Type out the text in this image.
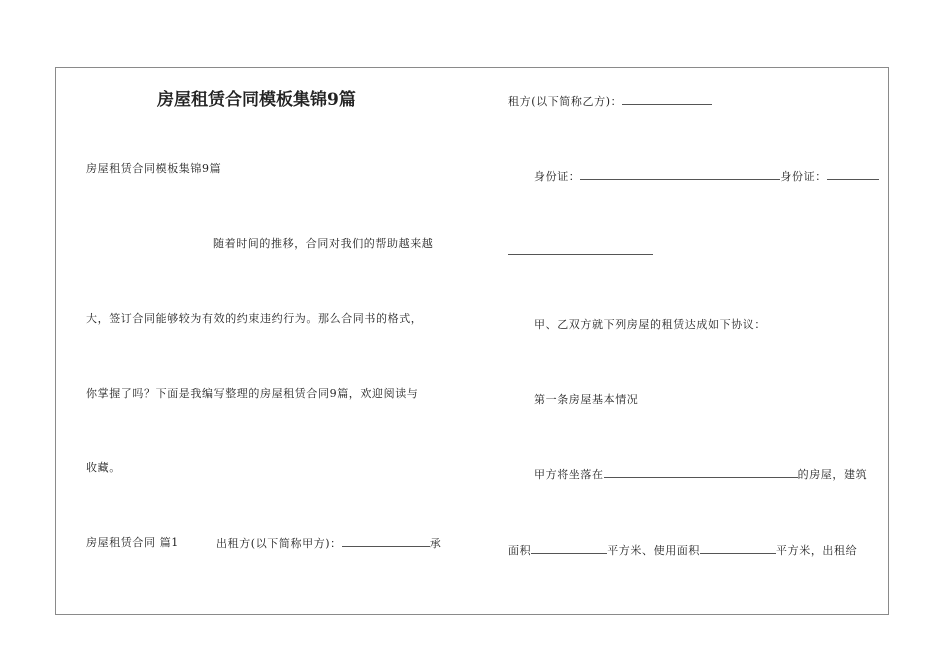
房屋租赁合同模板集锦9篇
房屋租赁合同模板集锦9篇
随着时间的推移，合同对我们的帮助越来越
大，签订合同能够较为有效的约束违约行为。那么合同书的格式，
你掌握了吗？下面是我编写整理的房屋租赁合同9篇，欢迎阅读与
收藏。
房屋租赁合同 篇1	出租方(以下简称甲方)：	承
租方(以下简称乙方)：
身份证：	身份证：
甲、乙双方就下列房屋的租赁达成如下协议：
第一条房屋基本情况
甲方将坐落在	的房屋，建筑
面积	平方米、使用面积	平方米，出租给
